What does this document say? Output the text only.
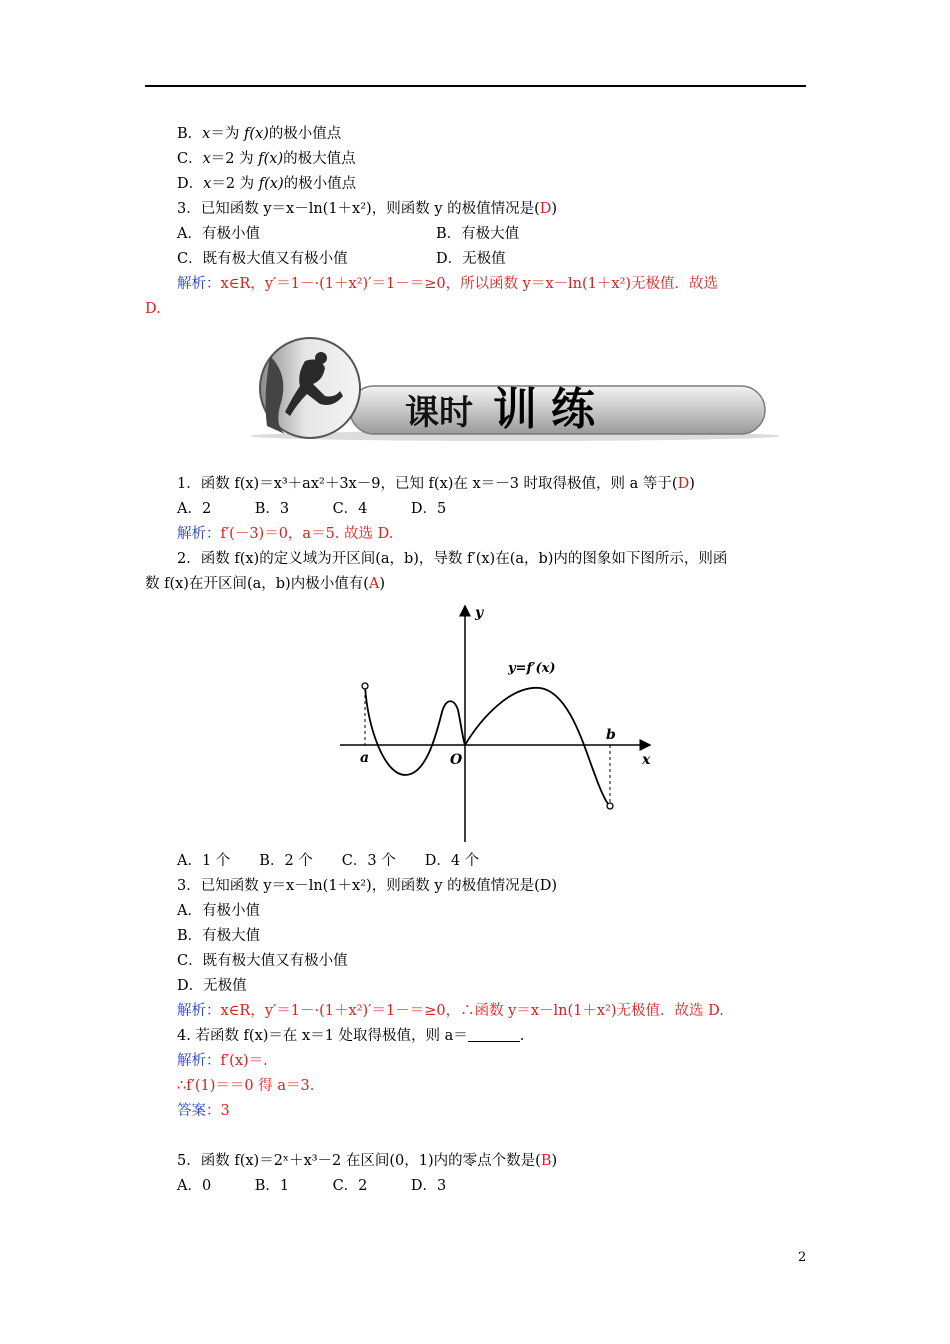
B．x＝为 f(x)的极小值点
C．x＝2 为 f(x)的极大值点
D．x＝2 为 f(x)的极小值点
3．已知函数 y＝x－ln(1＋x²)，则函数 y 的极值情况是(D)
A．有极小值	B．有极大值
C．既有极大值又有极小值	D．无极值
解析：x∈R，y′＝1－·(1＋x²)′＝1－＝≥0，所以函数 y＝x－ln(1＋x²)无极值．故选
D.
课时 训练
1．函数 f(x)＝x³＋ax²＋3x－9，已知 f(x)在 x＝－3 时取得极值，则 a 等于(D)
A．2　　　B．3　　　C．4　　　D．5
解析：f′(－3)＝0，a＝5. 故选 D.
2．函数 f(x)的定义域为开区间(a，b)，导数 f′(x)在(a，b)内的图象如下图所示，则函
数 f(x)在开区间(a，b)内极小值有(A)
y
x
a
b
O
y=f′(x)
A．1 个　　B．2 个　　C．3 个　　D．4 个
3．已知函数 y＝x－ln(1＋x²)，则函数 y 的极值情况是(D)
A．有极小值
B．有极大值
C．既有极大值又有极小值
D．无极值
解析：x∈R，y′＝1－·(1＋x²)′＝1－＝≥0，∴函数 y＝x－ln(1＋x²)无极值．故选 D.
4. 若函数 f(x)＝在 x＝1 处取得极值，则 a＝	.
解析：f′(x)＝.
∴f′(1)＝＝0 得 a＝3.
答案：3
5．函数 f(x)＝2ˣ＋x³－2 在区间(0，1)内的零点个数是(B)
A．0　　　B．1　　　C．2　　　D．3
2
